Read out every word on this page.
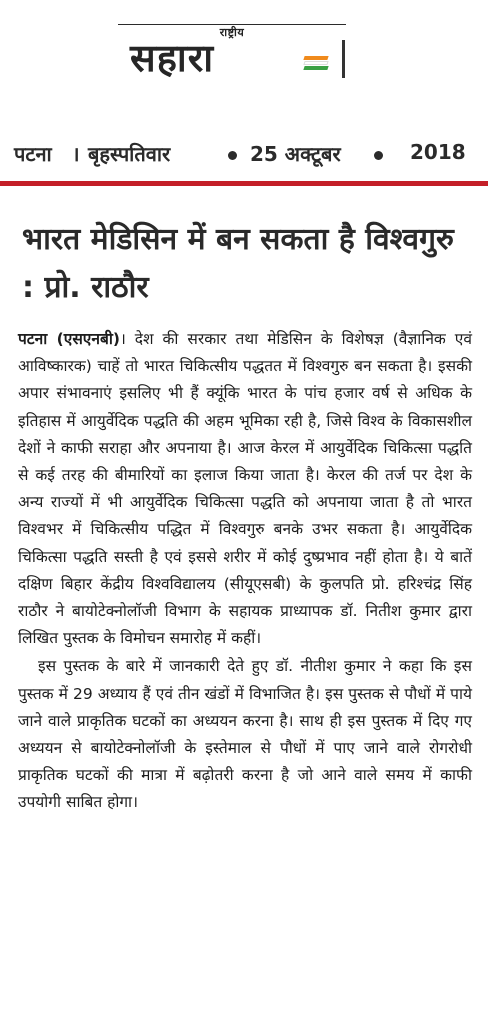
राष्ट्रीय
सहारा
पटना । बृहस्पतिवार	25 अक्टूबर	2018
भारत मेडिसिन में बन सकता है विश्वगुरु : प्रो. राठौर

पटना (एसएनबी)। देश की सरकार तथा मेडिसिन के विशेषज्ञ (वैज्ञानिक एवं आविष्कारक) चाहें तो भारत चिकित्सीय पद्धतत में विश्वगुरु बन सकता है। इसकी अपार संभावनाएं इसलिए भी हैं क्यूंकि भारत के पांच हजार वर्ष से अधिक के इतिहास में आयुर्वेदिक पद्धति की अहम भूमिका रही है, जिसे विश्व के विकासशील देशों ने काफी सराहा और अपनाया है। आज केरल में आयुर्वेदिक चिकित्सा पद्धति से कई तरह की बीमारियों का इलाज किया जाता है। केरल की तर्ज पर देश के अन्य राज्यों में भी आयुर्वेदिक चिकित्सा पद्धति को अपनाया जाता है तो भारत विश्वभर में चिकित्सीय पद्धित में विश्वगुरु बनके उभर सकता है। आयुर्वेदिक चिकित्सा पद्धति सस्ती है एवं इससे शरीर में कोई दुष्प्रभाव नहीं होता है। ये बातें दक्षिण बिहार केंद्रीय विश्वविद्यालय (सीयूएसबी) के कुलपति प्रो. हरिश्चंद्र सिंह राठौर ने बायोटेक्नोलॉजी विभाग के सहायक प्राध्यापक डॉ. नितीश कुमार द्वारा लिखित पुस्तक के विमोचन समारोह में कहीं।

इस पुस्तक के बारे में जानकारी देते हुए डॉ. नीतीश कुमार ने कहा कि इस पुस्तक में 29 अध्याय हैं एवं तीन खंडों में विभाजित है। इस पुस्तक से पौधों में पाये जाने वाले प्राकृतिक घटकों का अध्ययन करना है। साथ ही इस पुस्तक में दिए गए अध्ययन से बायोटेक्नोलॉजी के इस्तेमाल से पौधों में पाए जाने वाले रोगरोधी प्राकृतिक घटकों की मात्रा में बढ़ोतरी करना है जो आने वाले समय में काफी उपयोगी साबित होगा।
